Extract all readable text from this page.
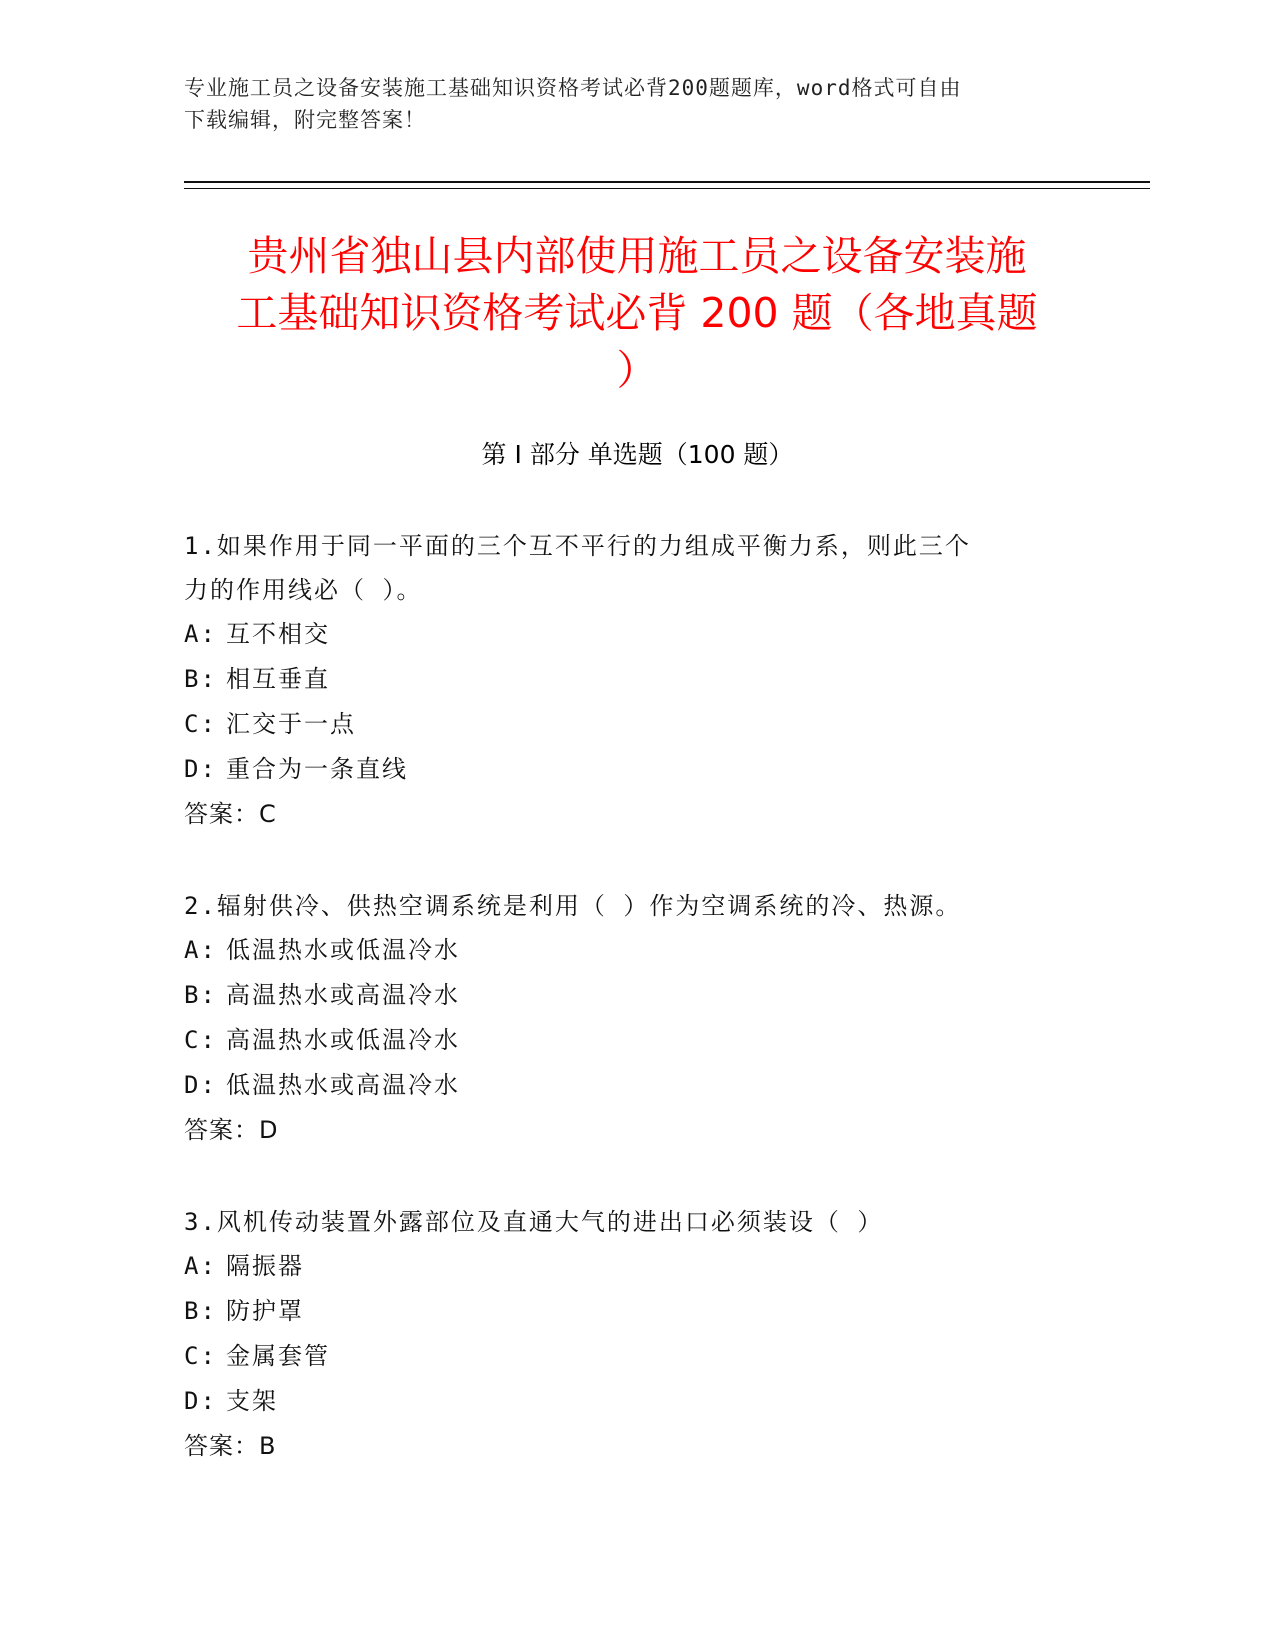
专业施工员之设备安装施工基础知识资格考试必背200题题库，word格式可自由
下载编辑，附完整答案！
贵州省独山县内部使用施工员之设备安装施
工基础知识资格考试必背 200 题（各地真题
）
第 I 部分 单选题（100 题）

1.如果作用于同一平面的三个互不平行的力组成平衡力系，则此三个

力的作用线必（ ）。

A: 互不相交

B: 相互垂直

C: 汇交于一点

D: 重合为一条直线

答案：C

2.辐射供冷、供热空调系统是利用（ ）作为空调系统的冷、热源。

A: 低温热水或低温冷水

B: 高温热水或高温冷水

C: 高温热水或低温冷水

D: 低温热水或高温冷水

答案：D

3.风机传动装置外露部位及直通大气的进出口必须装设（ ）

A: 隔振器

B: 防护罩

C: 金属套管

D: 支架

答案：B
